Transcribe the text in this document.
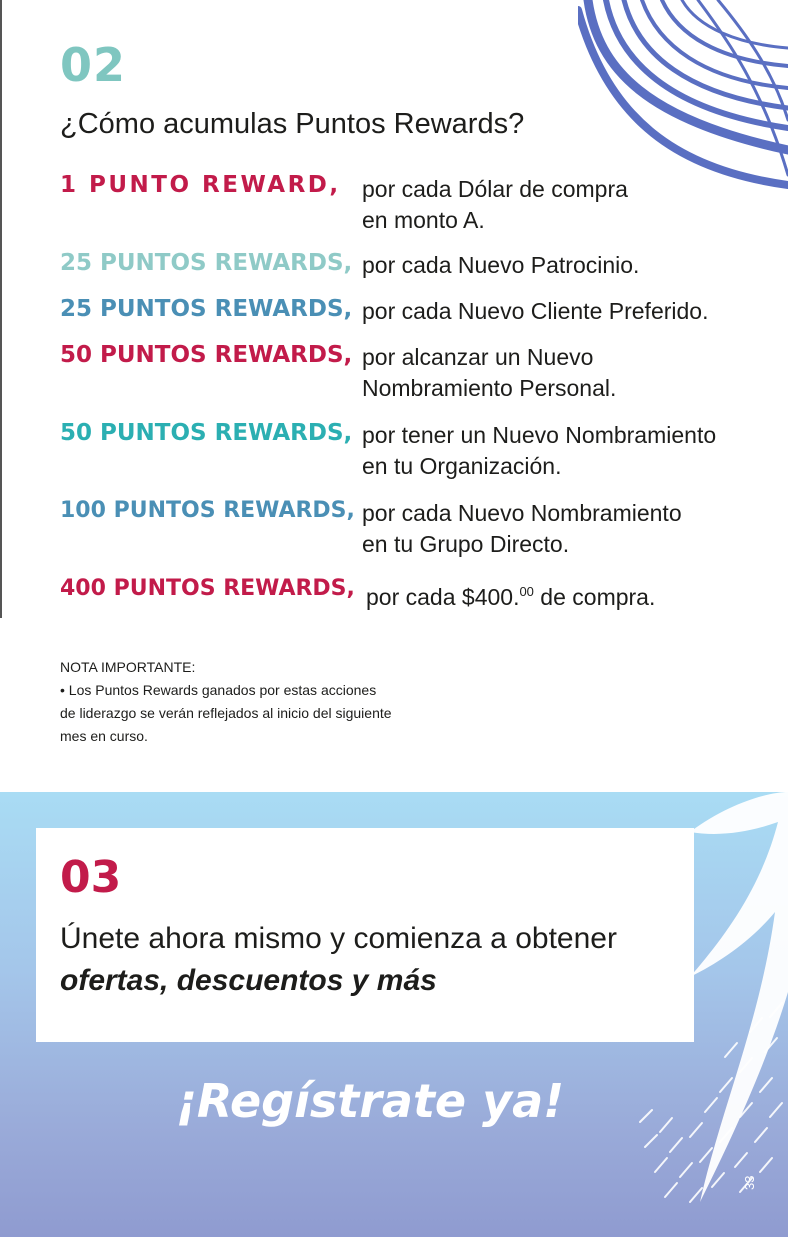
02
¿Cómo acumulas Puntos Rewards?
1 PUNTO REWARD, por cada Dólar de compra
en monto A.
25 PUNTOS REWARDS, por cada Nuevo Patrocinio.
25 PUNTOS REWARDS, por cada Nuevo Cliente Preferido.
50 PUNTOS REWARDS, por alcanzar un Nuevo
Nombramiento Personal.
50 PUNTOS REWARDS, por tener un Nuevo Nombramiento
en tu Organización.
100 PUNTOS REWARDS, por cada Nuevo Nombramiento
en tu Grupo Directo.
400 PUNTOS REWARDS, por cada $400.00 de compra.
NOTA IMPORTANTE:
• Los Puntos Rewards ganados por estas acciones
de liderazgo se verán reflejados al inicio del siguiente
mes en curso.
03
Únete ahora mismo y comienza a obtener
ofertas, descuentos y más
¡Regístrate ya!
33
